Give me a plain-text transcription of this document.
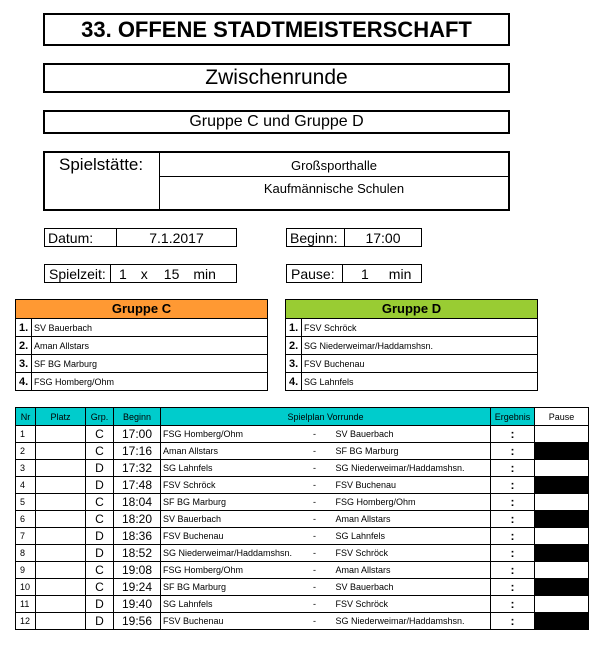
33. OFFENE STADTMEISTERSCHAFT
Zwischenrunde
Gruppe C und Gruppe D
Spielstätte:	Großsporthalle
Kaufmännische Schulen
Datum:	7.1.2017	Beginn:	17:00
Spielzeit: 1 x 15 min	Pause:	1 min
Gruppe C
1. SV Bauerbach
2. Aman Allstars
3. SF BG Marburg
4. FSG Homberg/Ohm
Gruppe D
1. FSV Schröck
2. SG Niederweimar/Haddamshsn.
3. FSV Buchenau
4. SG Lahnfels
Nr	Platz	Grp.	Beginn	Spielplan Vorrunde		Ergebnis	Pause
1		C	17:00	FSG Homberg/Ohm -	SV Bauerbach	:	
2		C	17:16	Aman Allstars -	SF BG Marburg	:	
3		D	17:32	SG Lahnfels -	SG Niederweimar/Haddamshsn.	:	
4		D	17:48	FSV Schröck -	FSV Buchenau	:	
5		C	18:04	SF BG Marburg -	FSG Homberg/Ohm	:	
6		C	18:20	SV Bauerbach -	Aman Allstars	:	
7		D	18:36	FSV Buchenau -	SG Lahnfels	:	
8		D	18:52	SG Niederweimar/Haddamshsn. -	FSV Schröck	:	
9		C	19:08	FSG Homberg/Ohm -	Aman Allstars	:	
10		C	19:24	SF BG Marburg -	SV Bauerbach	:	
11		D	19:40	SG Lahnfels -	FSV Schröck	:	
12		D	19:56	FSV Buchenau -	SG Niederweimar/Haddamshsn.	:	
